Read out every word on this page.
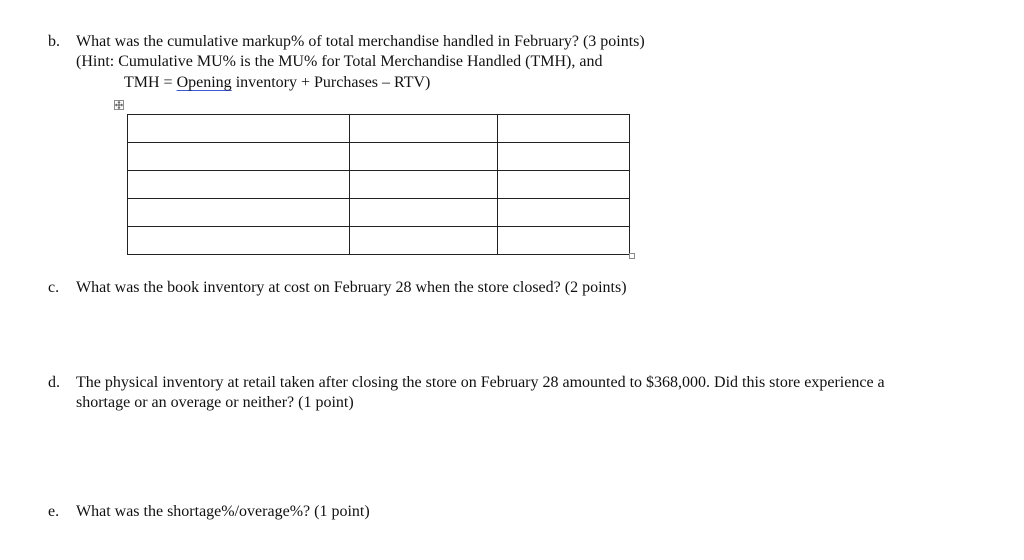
b. What was the cumulative markup% of total merchandise handled in February? (3 points)
(Hint: Cumulative MU% is the MU% for Total Merchandise Handled (TMH), and
TMH = Opening inventory + Purchases – RTV)

c. What was the book inventory at cost on February 28 when the store closed? (2 points)
d. The physical inventory at retail taken after closing the store on February 28 amounted to $368,000. Did this store experience a
shortage or an overage or neither? (1 point)
e. What was the shortage%/overage%? (1 point)
